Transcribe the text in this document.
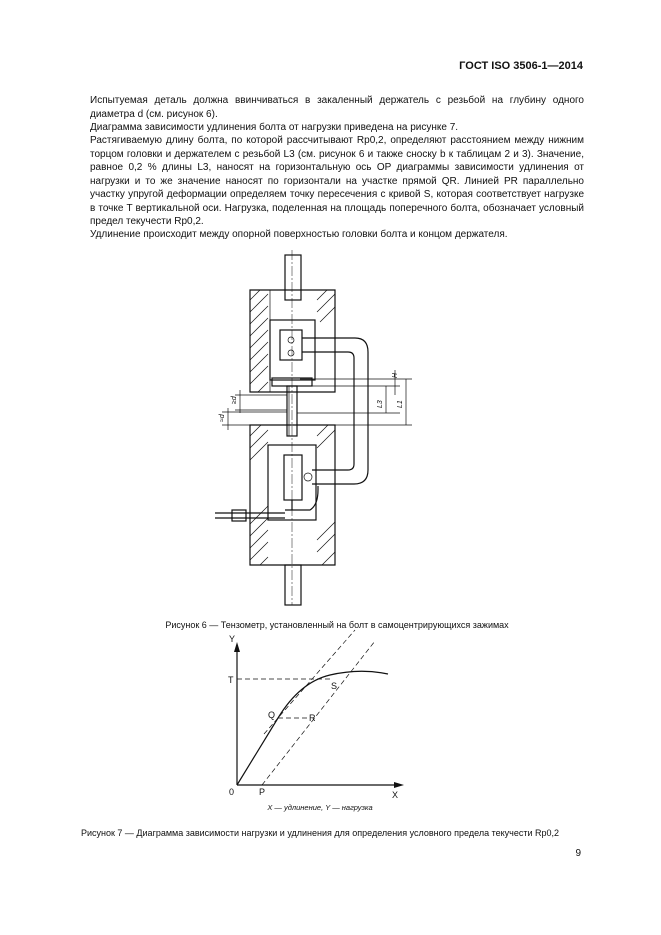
ГОСТ ISO 3506-1—2014

Испытуемая деталь должна ввинчиваться в закаленный держатель с резьбой на глубину одного диаметра d (см. рисунок 6).

Диаграмма зависимости удлинения болта от нагрузки приведена на рисунке 7.

Растягиваемую длину болта, по которой рассчитывают Rp0,2, определяют расстоянием между нижним торцом головки и держателем с резьбой L3 (см. рисунок 6 и также сноску b к таблицам 2 и 3). Значение, равное 0,2 % длины L3, наносят на горизонтальную ось OP диаграммы зависимости удлинения от нагрузки и то же значение наносят по горизонтали на участке прямой QR. Линией PR параллельно участку упругой деформации определяем точку пересечения с кривой S, которая соответствует нагрузке в точке T вертикальной оси. Нагрузка, поделенная на площадь поперечного болта, обозначает условный предел текучести Rp0,2.

Удлинение происходит между опорной поверхностью головки болта и концом держателя.

H
L3 L1
≥d
≈d
Y
X
T
S
Q	R
0	P
Рисунок 6 — Тензометр, установленный на болт в самоцентрирующихся зажимах
X — удлинение, Y — нагрузка
Рисунок 7 — Диаграмма зависимости нагрузки и удлинения для определения условного предела текучести Rp0,2
9
